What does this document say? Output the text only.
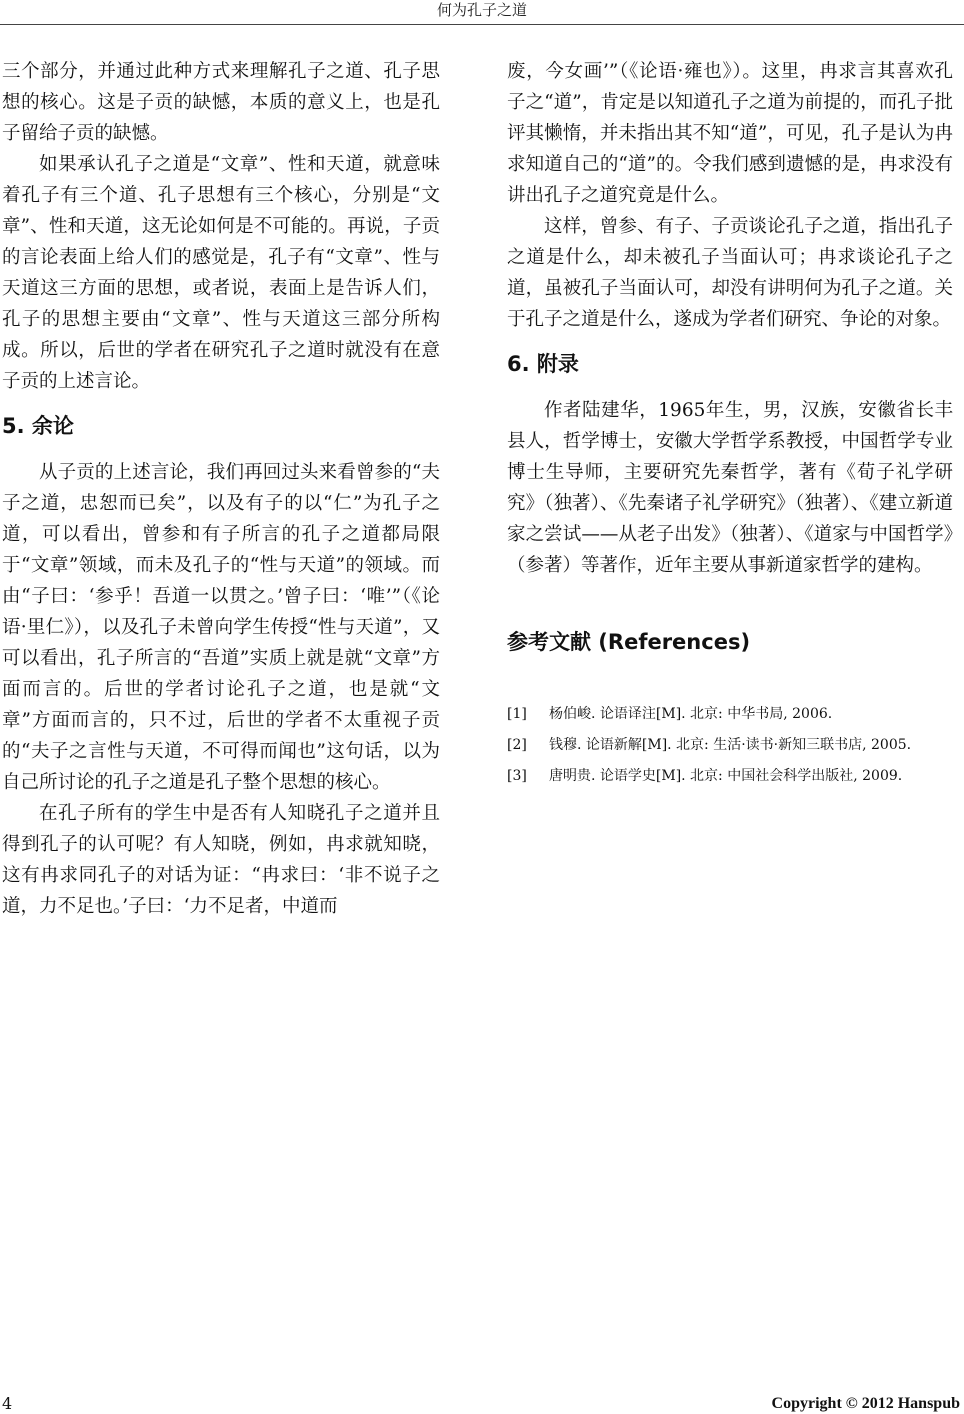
何为孔子之道

三个部分，并通过此种方式来理解孔子之道、孔子思想的核心。这是子贡的缺憾，本质的意义上，也是孔子留给子贡的缺憾。

如果承认孔子之道是“文章”、性和天道，就意味着孔子有三个道、孔子思想有三个核心，分别是“文章”、性和天道，这无论如何是不可能的。再说，子贡的言论表面上给人们的感觉是，孔子有“文章”、性与天道这三方面的思想，或者说，表面上是告诉人们，孔子的思想主要由“文章”、性与天道这三部分所构成。所以，后世的学者在研究孔子之道时就没有在意子贡的上述言论。

5. 余论

从子贡的上述言论，我们再回过头来看曾参的“夫子之道，忠恕而已矣”，以及有子的以“仁”为孔子之道，可以看出，曾参和有子所言的孔子之道都局限于“文章”领域，而未及孔子的“性与天道”的领域。而由“子曰：‘参乎！吾道一以贯之。’曾子曰：‘唯’”（《论语·里仁》），以及孔子未曾向学生传授“性与天道”，又可以看出，孔子所言的“吾道”实质上就是就“文章”方面而言的。后世的学者讨论孔子之道，也是就“文章”方面而言的，只不过，后世的学者不太重视子贡的“夫子之言性与天道，不可得而闻也”这句话，以为自己所讨论的孔子之道是孔子整个思想的核心。

在孔子所有的学生中是否有人知晓孔子之道并且得到孔子的认可呢？有人知晓，例如，冉求就知晓，这有冉求同孔子的对话为证：“冉求曰：‘非不说子之道，力不足也。’子曰：‘力不足者，中道而

废，今女画’”（《论语·雍也》）。这里，冉求言其喜欢孔子之“道”，肯定是以知道孔子之道为前提的，而孔子批评其懒惰，并未指出其不知“道”，可见，孔子是认为冉求知道自己的“道”的。令我们感到遗憾的是，冉求没有讲出孔子之道究竟是什么。

这样，曾参、有子、子贡谈论孔子之道，指出孔子之道是什么，却未被孔子当面认可；冉求谈论孔子之道，虽被孔子当面认可，却没有讲明何为孔子之道。关于孔子之道是什么，遂成为学者们研究、争论的对象。

6. 附录

作者陆建华，1965年生，男，汉族，安徽省长丰县人，哲学博士，安徽大学哲学系教授，中国哲学专业博士生导师，主要研究先秦哲学，著有《荀子礼学研究》（独著）、《先秦诸子礼学研究》（独著）、《建立新道家之尝试——从老子出发》（独著）、《道家与中国哲学》（参著）等著作，近年主要从事新道家哲学的建构。

参考文献 (References)
[1]	杨伯峻. 论语译注[M]. 北京: 中华书局, 2006.
[2]	钱穆. 论语新解[M]. 北京: 生活·读书·新知三联书店, 2005.
[3]	唐明贵. 论语学史[M]. 北京: 中国社会科学出版社, 2009.
4	Copyright © 2012 Hanspub
